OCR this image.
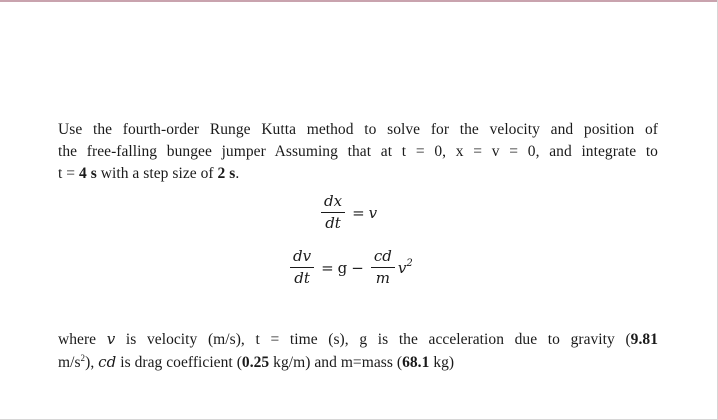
Use the fourth-order Runge Kutta method to solve for the velocity and position of
the free-falling bungee jumper Assuming that at t = 0, x = v = 0, and integrate to
t = 4 s with a step size of 2 s.
$\frac{dx}{dt} = v$
$\frac{dv}{dt} = g - \frac{cd}{m} v^2$
where v is velocity (m/s), t = time (s), g is the acceleration due to gravity (9.81
$m/s^2$), cd is drag coefficient (0.25 kg/m) and m=mass (68.1 kg)
